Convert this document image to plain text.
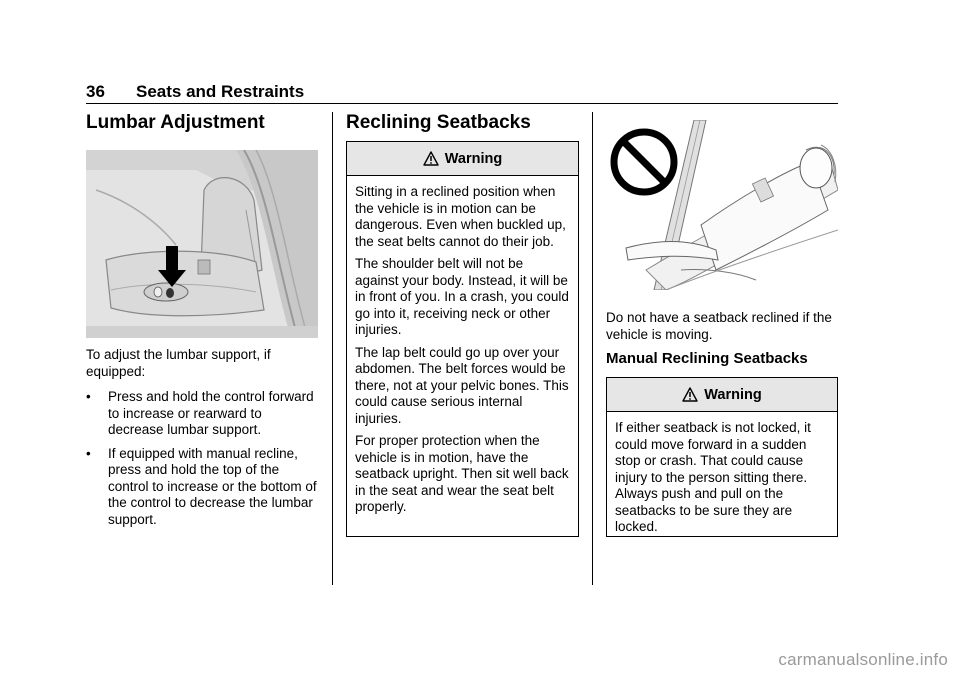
36 Seats and Restraints
Lumbar Adjustment
To adjust the lumbar support, if equipped:
• Press and hold the control forward to increase or rearward to decrease lumbar support.
• If equipped with manual recline, press and hold the top of the control to increase or the bottom of the control to decrease the lumbar support.
Reclining Seatbacks
Warning

Sitting in a reclined position when the vehicle is in motion can be dangerous. Even when buckled up, the seat belts cannot do their job.

The shoulder belt will not be against your body. Instead, it will be in front of you. In a crash, you could go into it, receiving neck or other injuries.

The lap belt could go up over your abdomen. The belt forces would be there, not at your pelvic bones. This could cause serious internal injuries.

For proper protection when the vehicle is in motion, have the seatback upright. Then sit well back in the seat and wear the seat belt properly.

Do not have a seatback reclined if the vehicle is moving.
Manual Reclining Seatbacks
Warning

If either seatback is not locked, it could move forward in a sudden stop or crash. That could cause injury to the person sitting there. Always push and pull on the seatbacks to be sure they are locked.

carmanualsonline.info
